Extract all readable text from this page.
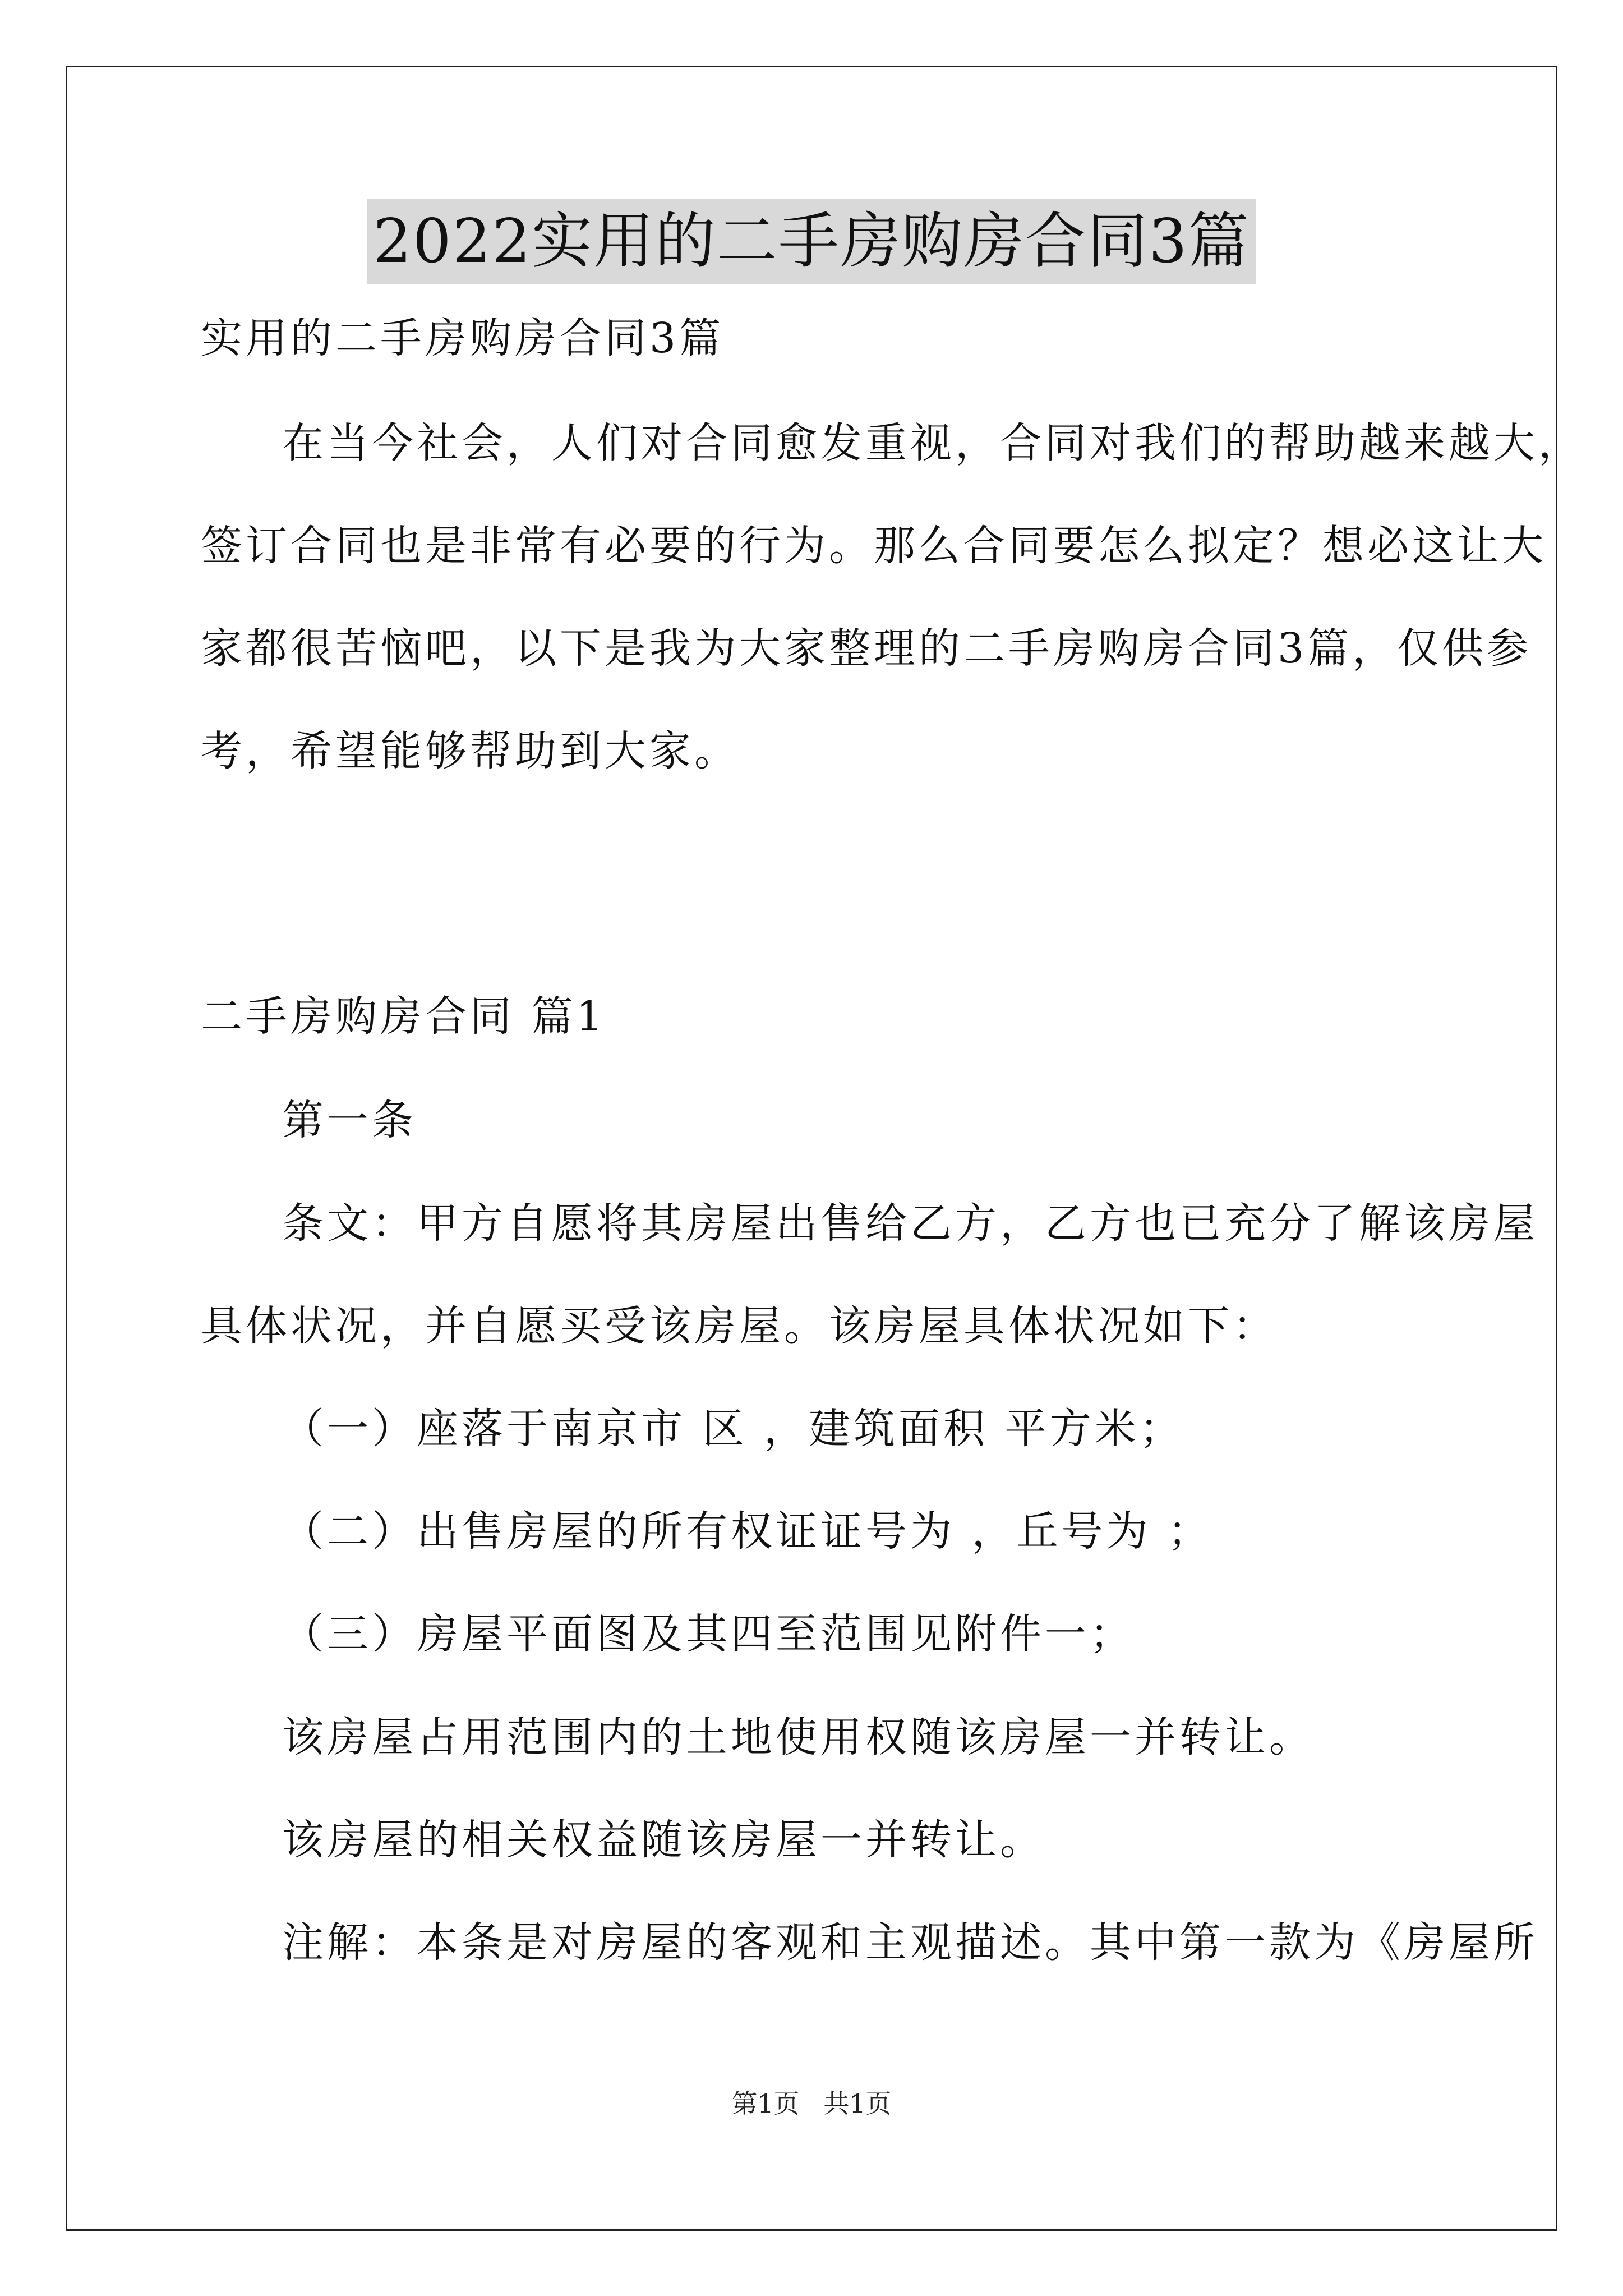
2022实用的二手房购房合同3篇
实用的二手房购房合同3篇
在当今社会，人们对合同愈发重视，合同对我们的帮助越来越大，
签订合同也是非常有必要的行为。那么合同要怎么拟定？想必这让大
家都很苦恼吧，以下是我为大家整理的二手房购房合同3篇，仅供参
考，希望能够帮助到大家。
二手房购房合同 篇1
第一条
条文：甲方自愿将其房屋出售给乙方，乙方也已充分了解该房屋
具体状况，并自愿买受该房屋。该房屋具体状况如下：
（一）座落于南京市 区 ，建筑面积 平方米；
（二）出售房屋的所有权证证号为 ，丘号为 ；
（三）房屋平面图及其四至范围见附件一；
该房屋占用范围内的土地使用权随该房屋一并转让。
该房屋的相关权益随该房屋一并转让。
注解：本条是对房屋的客观和主观描述。其中第一款为《房屋所
第1页 共1页
